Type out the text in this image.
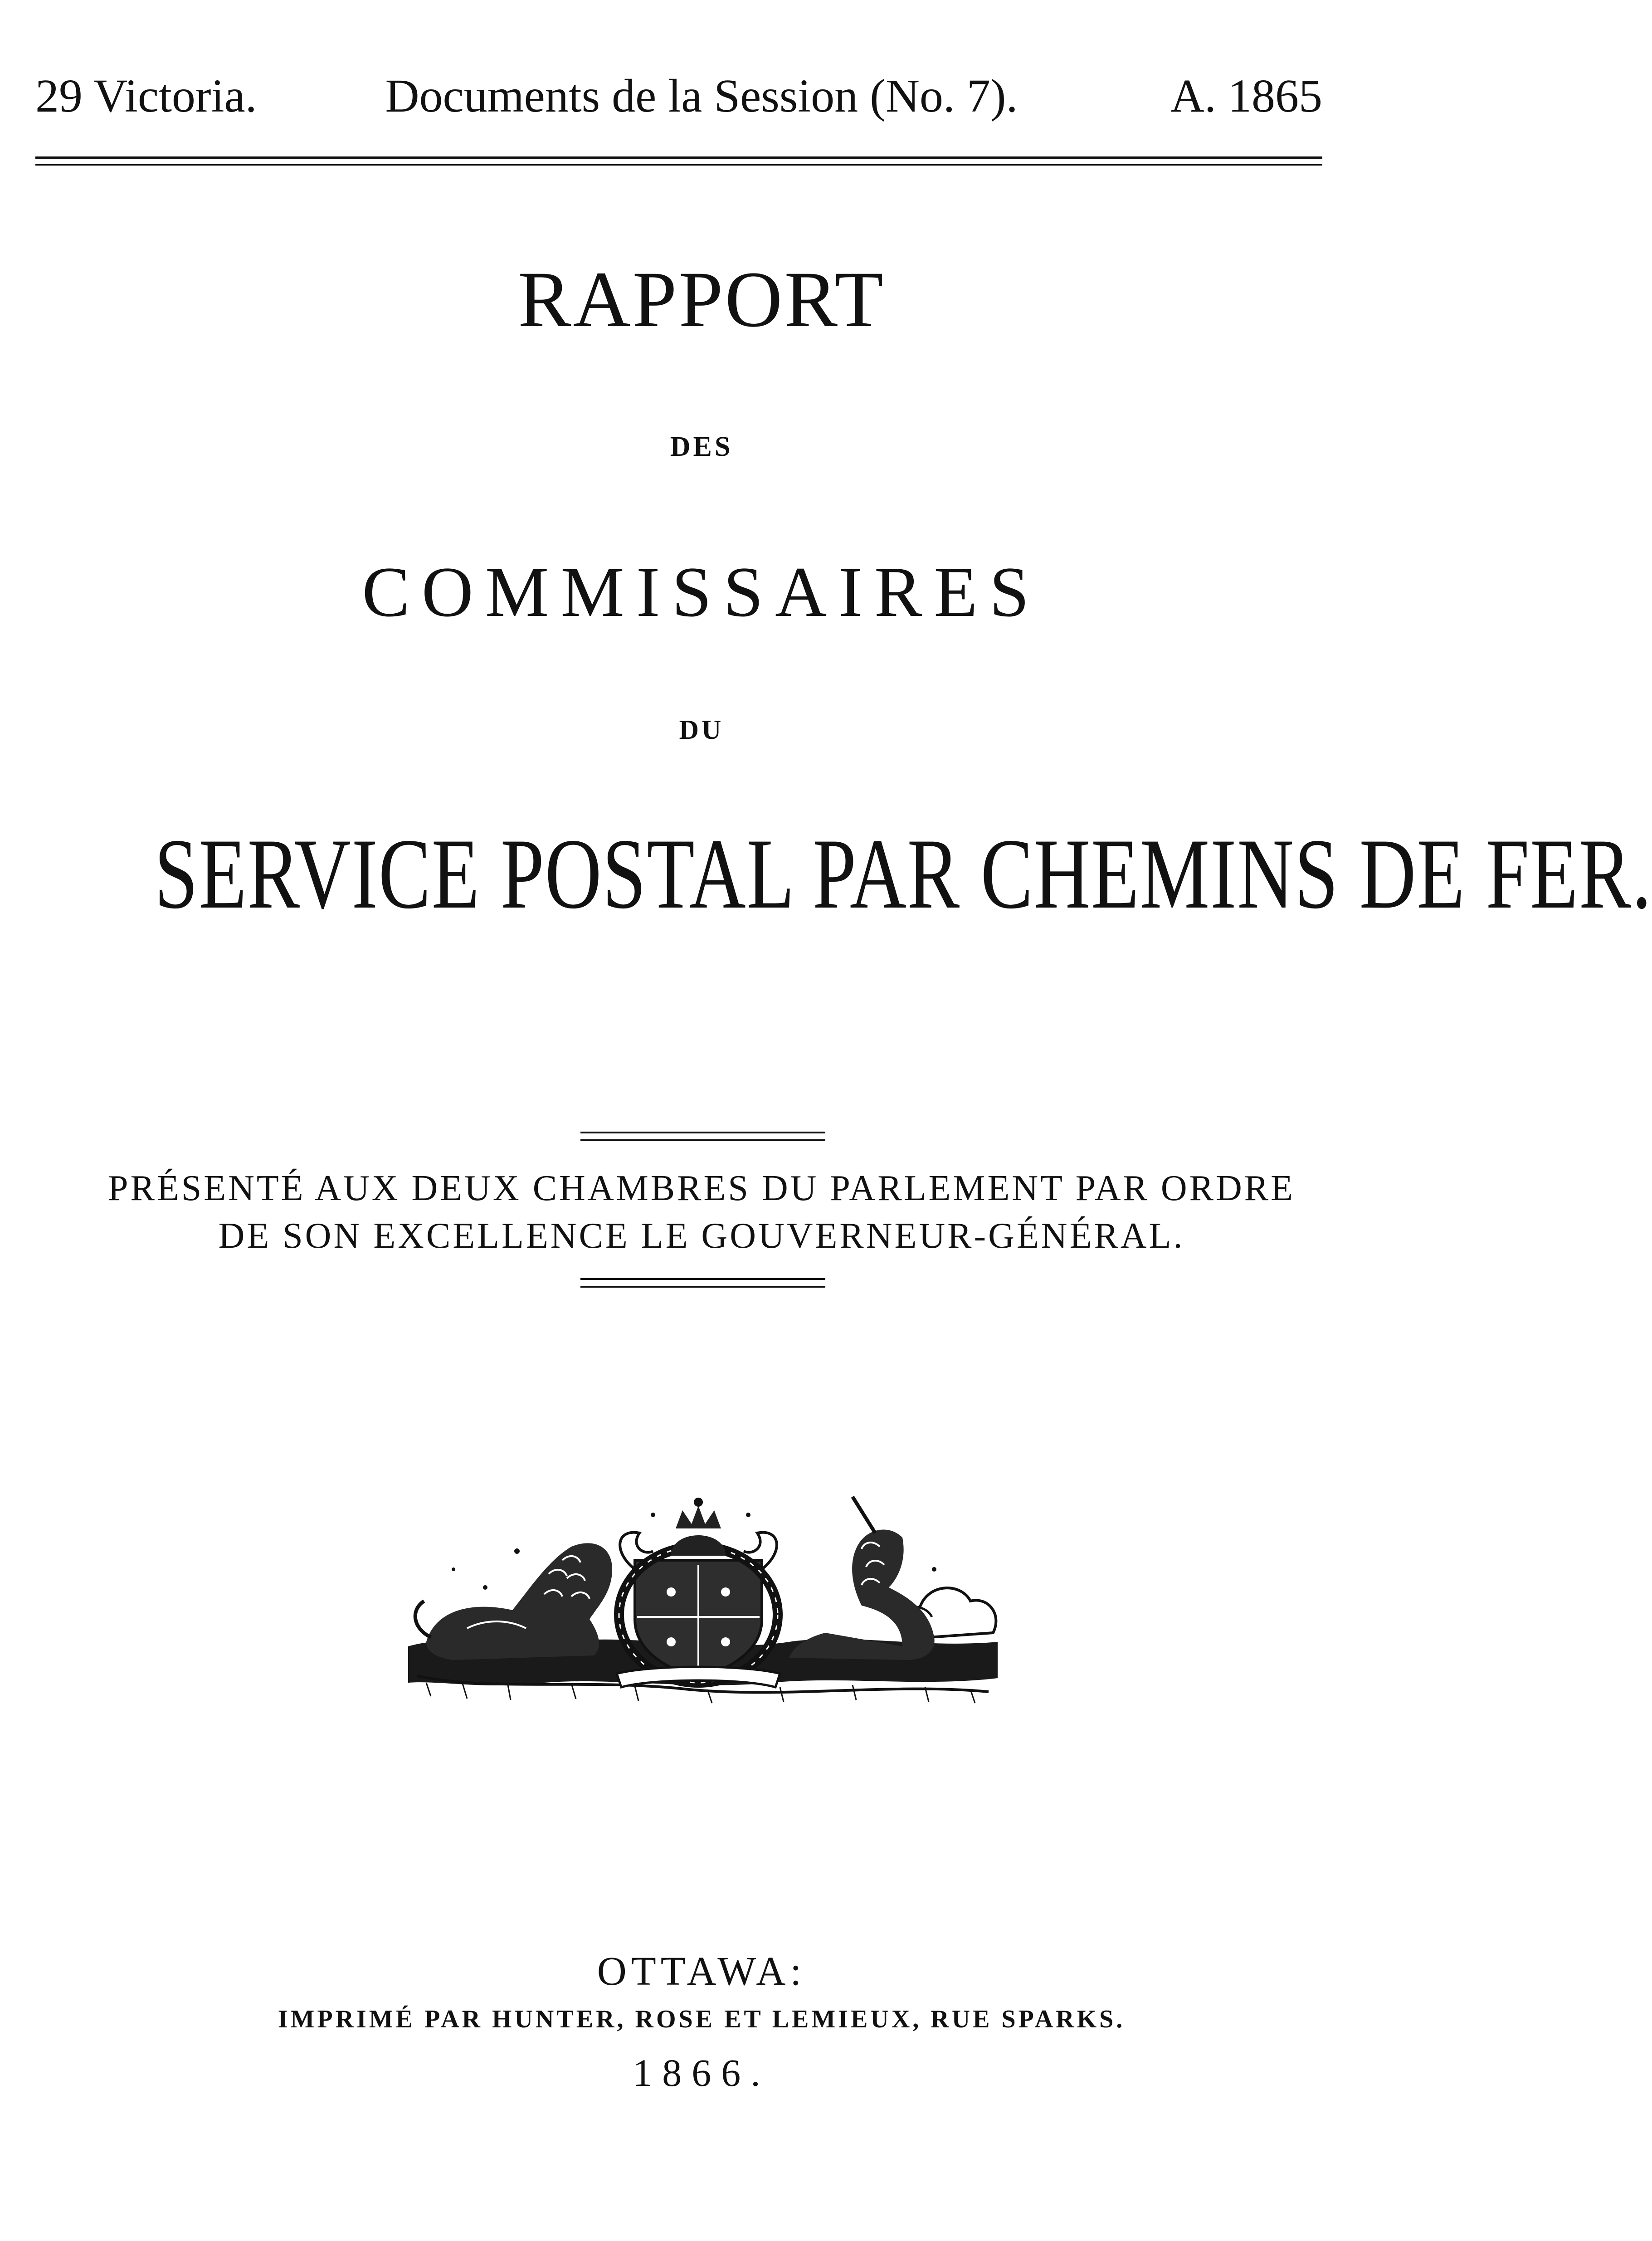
29 Victoria.	Documents de la Session (No. 7).	A. 1865
RAPPORT
DES
COMMISSAIRES
DU
SERVICE POSTAL PAR CHEMINS DE FER.
PRÉSENTÉ AUX DEUX CHAMBRES DU PARLEMENT PAR ORDRE
DE SON EXCELLENCE LE GOUVERNEUR-GÉNÉRAL.
OTTAWA:
IMPRIMÉ PAR HUNTER, ROSE ET LEMIEUX, RUE SPARKS.
1866.
